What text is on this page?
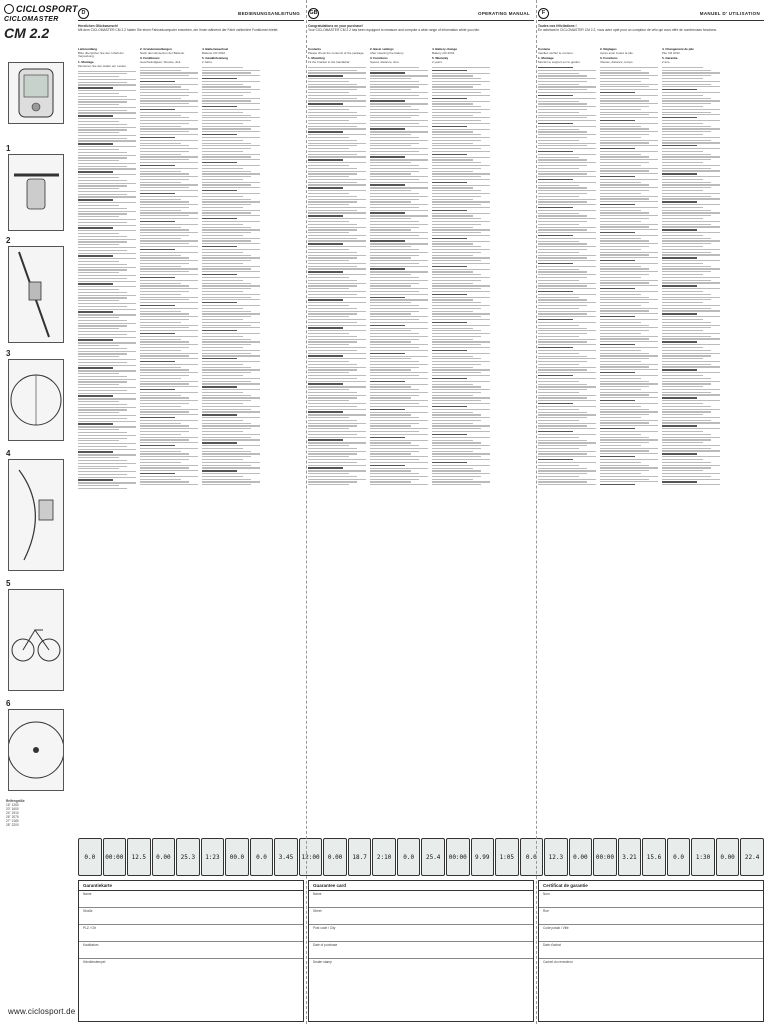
CICLOSPORT
CICLOMASTER
CM 2.2
1
2
3
4
5
6
Reifengröße
16" 1260
20" 1600
24" 1910
26" 2075
27" 2180
28" 2200
www.ciclosport.de
D	BEDIENUNGSANLEITUNG GB	OPERATING MANUAL	F	MANUEL D' UTILISATION
Herzlichen Glückwunsch!
Mit dem CICLOMASTER CM 2.2 haben Sie einen Fahrradcomputer erworben, der Ihnen während der Fahrt zahlreiche Funktionen bietet.
Congratulations on your purchase!
Your CICLOMASTER CM 2.2 has been equipped to measure and compute a wide range of information while you ride.
Toutes nos félicitations !
En achetant le CICLOMASTER CM 2.2, vous avez opté pour un compteur de vélo qui vous offre de nombreuses fonctions.

Lieferumfang
Bitte überprüfen Sie den Inhalt der Verpackung.

1. Montage
Montieren Sie den Halter am Lenker.

2. Grundeinstellungen
Nach dem Einsetzen der Batterie.

3. Funktionen
Geschwindigkeit, Strecke, Zeit.

4. Batteriewechsel
Batterie CR 2032.

5. Gewährleistung
2 Jahre.

Contents
Please check the contents of the package.

1. Mounting
Fit the bracket to the handlebar.

2. Basic settings
After inserting the battery.

3. Functions
Speed, distance, time.

4. Battery change
Battery CR 2032.

5. Warranty
2 years.

Contenu
Veuillez vérifier le contenu.

1. Montage
Montez le support sur le guidon.

2. Réglages
Après avoir inséré la pile.

3. Fonctions
Vitesse, distance, temps.

4. Changement de pile
Pile CR 2032.

5. Garantie
2 ans.

0.0 00:00 12.5 0.00 25.3 1:23 00.0 0.0 3.45 12:00 0.00 18.7 2:10 0.0 25.4 00:00 9.99 1:05 0.0 12.3 0.00 00:00 3.21 15.6 0.0 1:30 0.00 22.4
Garantiekarte
Name
Straße
PLZ / Ort
Kaufdatum
Händlerstempel
Guarantee card
Name
Street
Post code / City
Date of purchase
Dealer stamp
Certificat de garantie
Nom
Rue
Code postal / Ville
Date d'achat
Cachet du revendeur
